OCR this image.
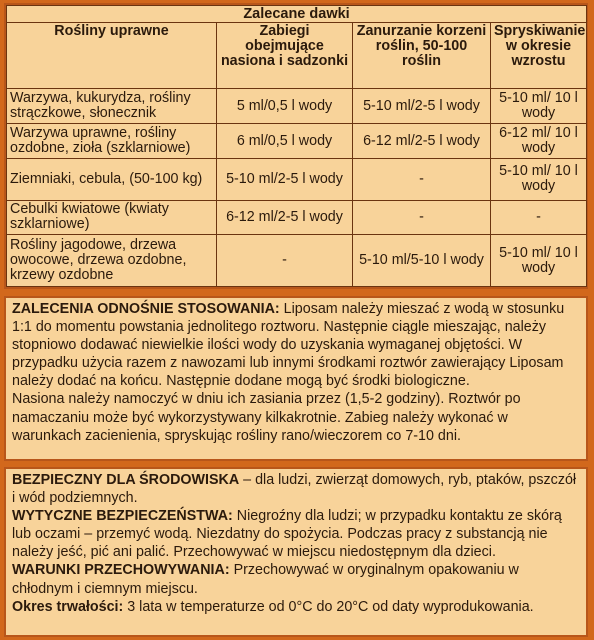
Zalecane dawki			
Rośliny uprawne	Zabiegi obejmujące nasiona i sadzonki	Zanurzanie korzeni roślin, 50-100 roślin	Spryskiwanie w okresie wzrostu
Warzywa, kukurydza, rośliny strączkowe, słonecznik	5 ml/0,5 l wody	5-10 ml/2-5 l wody	5-10 ml/ 10 l wody
Warzywa uprawne, rośliny ozdobne, zioła (szklarniowe)	6 ml/0,5 l wody	6-12 ml/2-5 l wody	6-12 ml/ 10 l wody
Ziemniaki, cebula, (50-100 kg)	5-10 ml/2-5 l wody	-	5-10 ml/ 10 l wody
Cebulki kwiatowe (kwiaty szklarniowe)	6-12 ml/2-5 l wody	-	-
Rośliny jagodowe, drzewa owocowe, drzewa ozdobne, krzewy ozdobne	-	5-10 ml/5-10 l wody	5-10 ml/ 10 l wody

ZALECENIA ODNOŚNIE STOSOWANIA: Liposam należy mieszać z wodą w stosunku 1:1 do momentu powstania jednolitego roztworu. Następnie ciągle mieszając, należy stopniowo dodawać niewielkie ilości wody do uzyskania wymaganej objętości. W przypadku użycia razem z nawozami lub innymi środkami roztwór zawierający Liposam należy dodać na końcu. Następnie dodane mogą być środki biologiczne.

Nasiona należy namoczyć w dniu ich zasiania przez (1,5-2 godziny). Roztwór po namaczaniu może być wykorzystywany kilkakrotnie. Zabieg należy wykonać w warunkach zacienienia, spryskując rośliny rano/wieczorem co 7-10 dni.

BEZPIECZNY DLA ŚRODOWISKA – dla ludzi, zwierząt domowych, ryb, ptaków, pszczół i wód podziemnych.

WYTYCZNE BEZPIECZEŃSTWA: Niegroźny dla ludzi; w przypadku kontaktu ze skórą lub oczami – przemyć wodą. Niezdatny do spożycia. Podczas pracy z substancją nie należy jeść, pić ani palić. Przechowywać w miejscu niedostępnym dla dzieci.

WARUNKI PRZECHOWYWANIA: Przechowywać w oryginalnym opakowaniu w chłodnym i ciemnym miejscu.

Okres trwałości: 3 lata w temperaturze od 0°C do 20°C od daty wyprodukowania.
